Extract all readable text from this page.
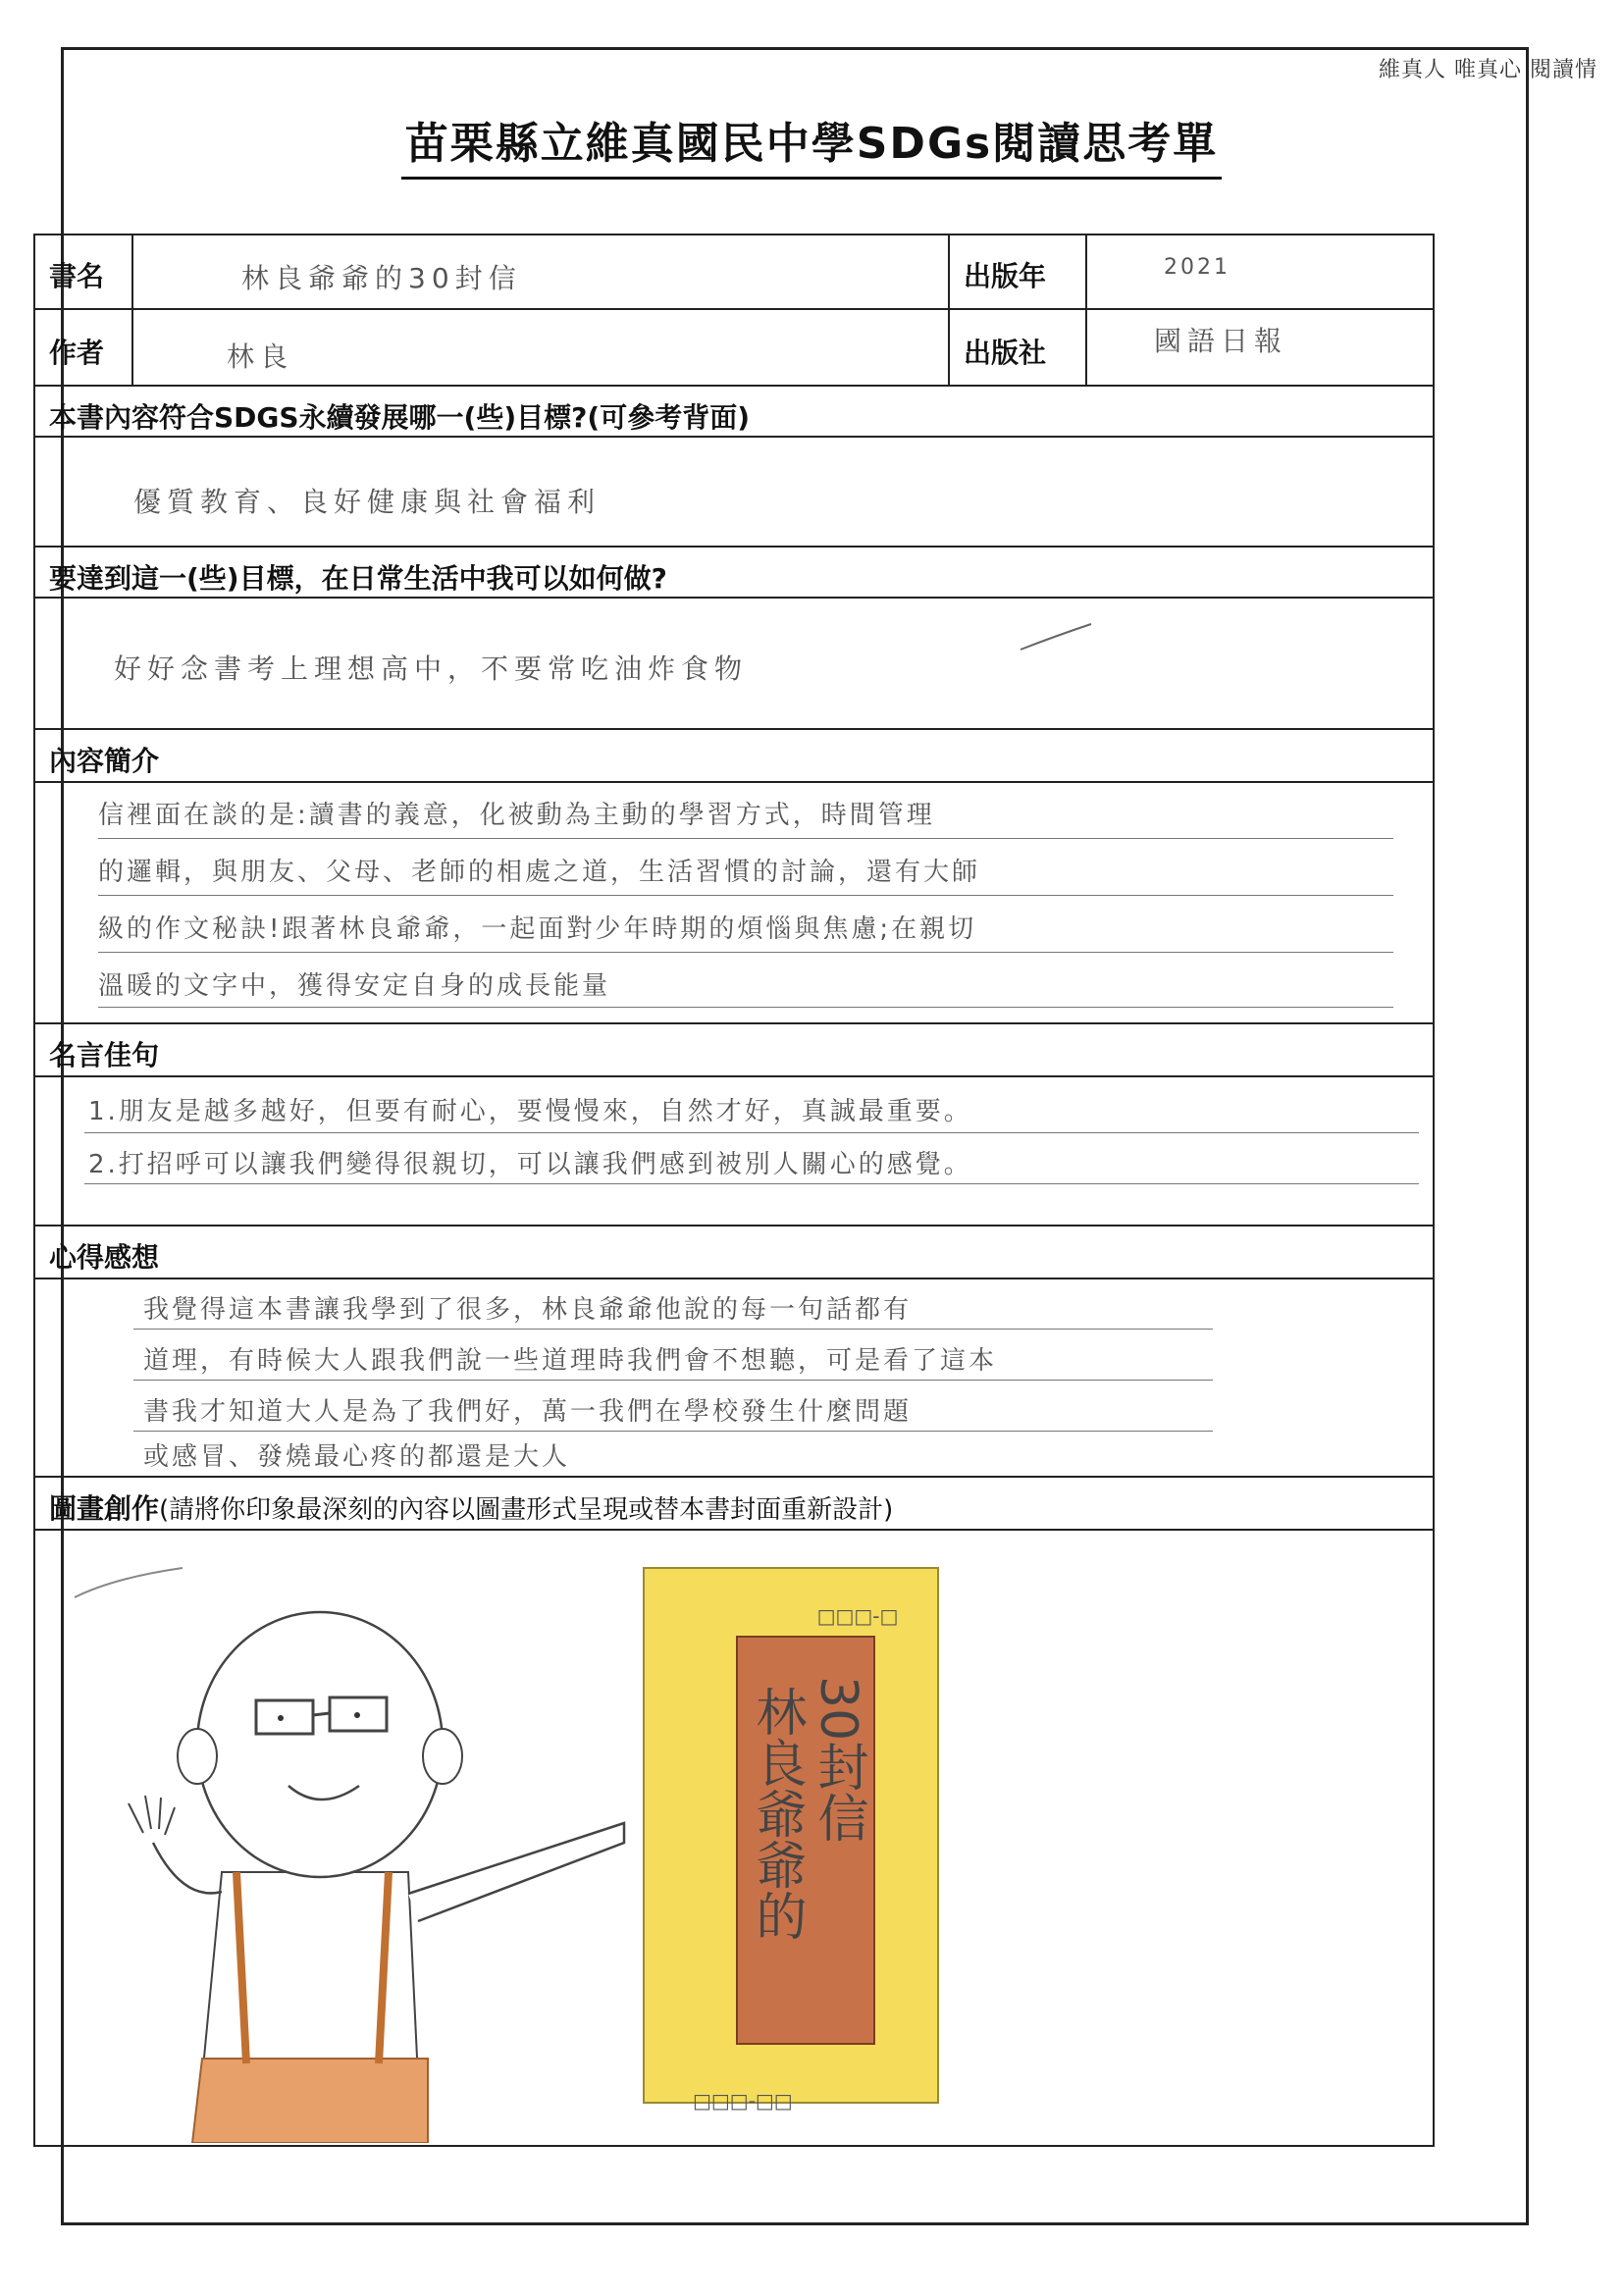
維真人 唯真心 閱讀情
苗栗縣立維真國民中學SDGs閱讀思考單
書名	林良爺爺的30封信	出版年	2021
作者	林良	出版社	國語日報
本書內容符合SDGS永續發展哪一(些)目標?(可參考背面)
優質教育、良好健康與社會福利
要達到這一(些)目標，在日常生活中我可以如何做?
好好念書考上理想高中，不要常吃油炸食物
內容簡介
信裡面在談的是:讀書的義意，化被動為主動的學習方式，時間管理
的邏輯，與朋友、父母、老師的相處之道，生活習慣的討論，還有大師
級的作文秘訣!跟著林良爺爺，一起面對少年時期的煩惱與焦慮;在親切
溫暖的文字中，獲得安定自身的成長能量
名言佳句
1.朋友是越多越好，但要有耐心，要慢慢來，自然才好，真誠最重要。
2.打招呼可以讓我們變得很親切，可以讓我們感到被別人關心的感覺。
心得感想
我覺得這本書讓我學到了很多，林良爺爺他說的每一句話都有
道理，有時候大人跟我們說一些道理時我們會不想聽，可是看了這本
書我才知道大人是為了我們好，萬一我們在學校發生什麼問題
或感冒、發燒最心疼的都還是大人
圖畫創作(請將你印象最深刻的內容以圖畫形式呈現或替本書封面重新設計)
□□□-□
□□□-□□
林良爺爺的 30封信
